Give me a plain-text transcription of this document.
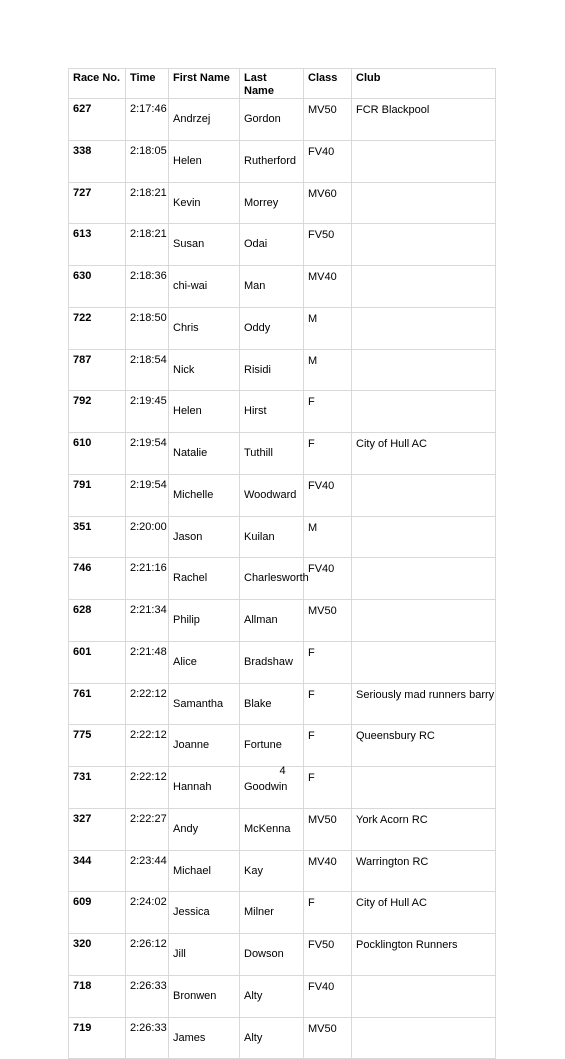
Race No.	Time	First Name	Last Name	Class	Club
627	2:17:46	Andrzej	Gordon	MV50	FCR Blackpool
338	2:18:05	Helen	Rutherford	FV40	
727	2:18:21	Kevin	Morrey	MV60	
613	2:18:21	Susan	Odai	FV50	
630	2:18:36	chi-wai	Man	MV40	
722	2:18:50	Chris	Oddy	M	
787	2:18:54	Nick	Risidi	M	
792	2:19:45	Helen	Hirst	F	
610	2:19:54	Natalie	Tuthill	F	City of Hull AC
791	2:19:54	Michelle	Woodward	FV40	
351	2:20:00	Jason	Kuilan	M	
746	2:21:16	Rachel	Charlesworth	FV40	
628	2:21:34	Philip	Allman	MV50	
601	2:21:48	Alice	Bradshaw	F	
761	2:22:12	Samantha	Blake	F	Seriously mad runners barry
775	2:22:12	Joanne	Fortune	F	Queensbury RC
731	2:22:12	Hannah	Goodwin	F	
327	2:22:27	Andy	McKenna	MV50	York Acorn RC
344	2:23:44	Michael	Kay	MV40	Warrington RC
609	2:24:02	Jessica	Milner	F	City of Hull AC
320	2:26:12	Jill	Dowson	FV50	Pocklington Runners
718	2:26:33	Bronwen	Alty	FV40	
719	2:26:33	James	Alty	MV50	
4
